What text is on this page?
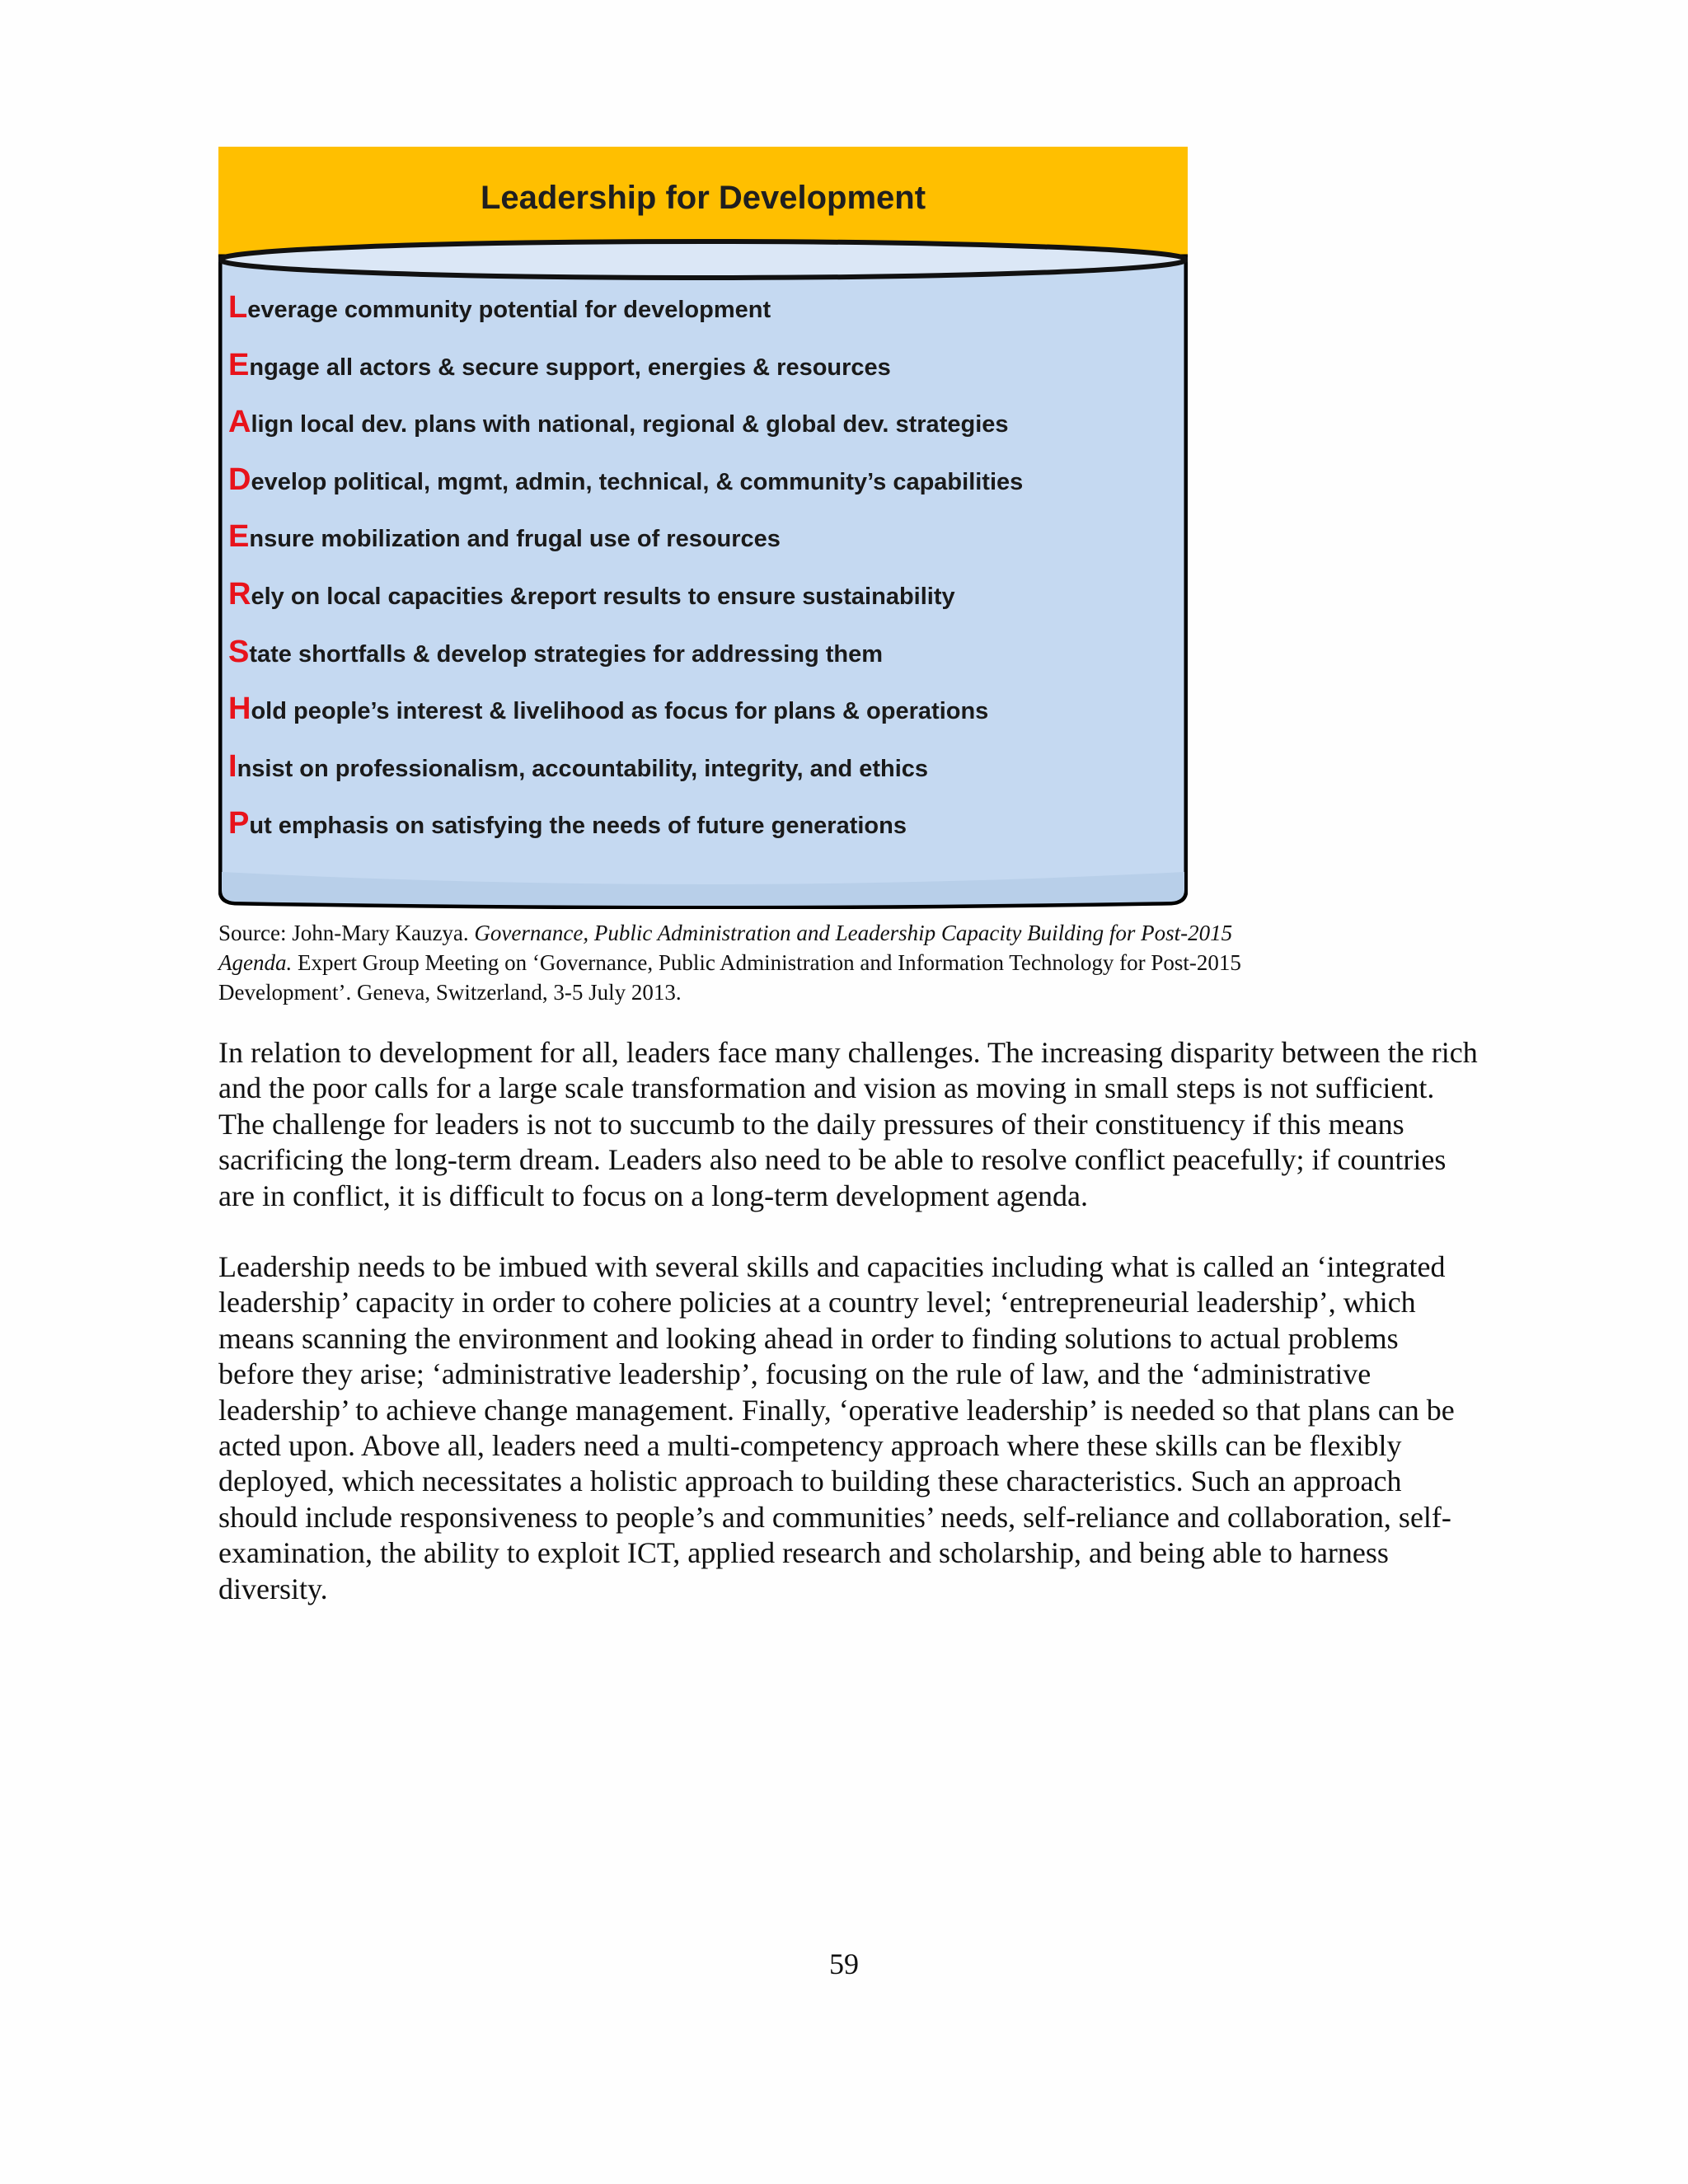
Leadership for Development
Leverage community potential for development
Engage all actors & secure support, energies & resources
Align local dev. plans with national, regional & global dev. strategies
Develop political, mgmt, admin, technical, & community’s capabilities
Ensure mobilization and frugal use of resources
Rely on local capacities &report results to ensure sustainability
State shortfalls & develop strategies for addressing them
Hold people’s interest & livelihood as focus for plans & operations
Insist on professionalism, accountability, integrity, and ethics
Put emphasis on satisfying the needs of future generations

Source: John-Mary Kauzya. Governance, Public Administration and Leadership Capacity Building for Post-2015 Agenda. Expert Group Meeting on ‘Governance, Public Administration and Information Technology for Post-2015 Development’. Geneva, Switzerland, 3-5 July 2013.

In relation to development for all, leaders face many challenges. The increasing disparity between the rich and the poor calls for a large scale transformation and vision as moving in small steps is not sufficient. The challenge for leaders is not to succumb to the daily pressures of their constituency if this means sacrificing the long-term dream. Leaders also need to be able to resolve conflict peacefully; if countries are in conflict, it is difficult to focus on a long-term development agenda.

Leadership needs to be imbued with several skills and capacities including what is called an ‘integrated leadership’ capacity in order to cohere policies at a country level; ‘entrepreneurial leadership’, which means scanning the environment and looking ahead in order to finding solutions to actual problems before they arise; ‘administrative leadership’, focusing on the rule of law, and the ‘administrative leadership’ to achieve change management. Finally, ‘operative leadership’ is needed so that plans can be acted upon. Above all, leaders need a multi-competency approach where these skills can be flexibly deployed, which necessitates a holistic approach to building these characteristics. Such an approach should include responsiveness to people’s and communities’ needs, self-reliance and collaboration, self-examination, the ability to exploit ICT, applied research and scholarship, and being able to harness diversity.

59
